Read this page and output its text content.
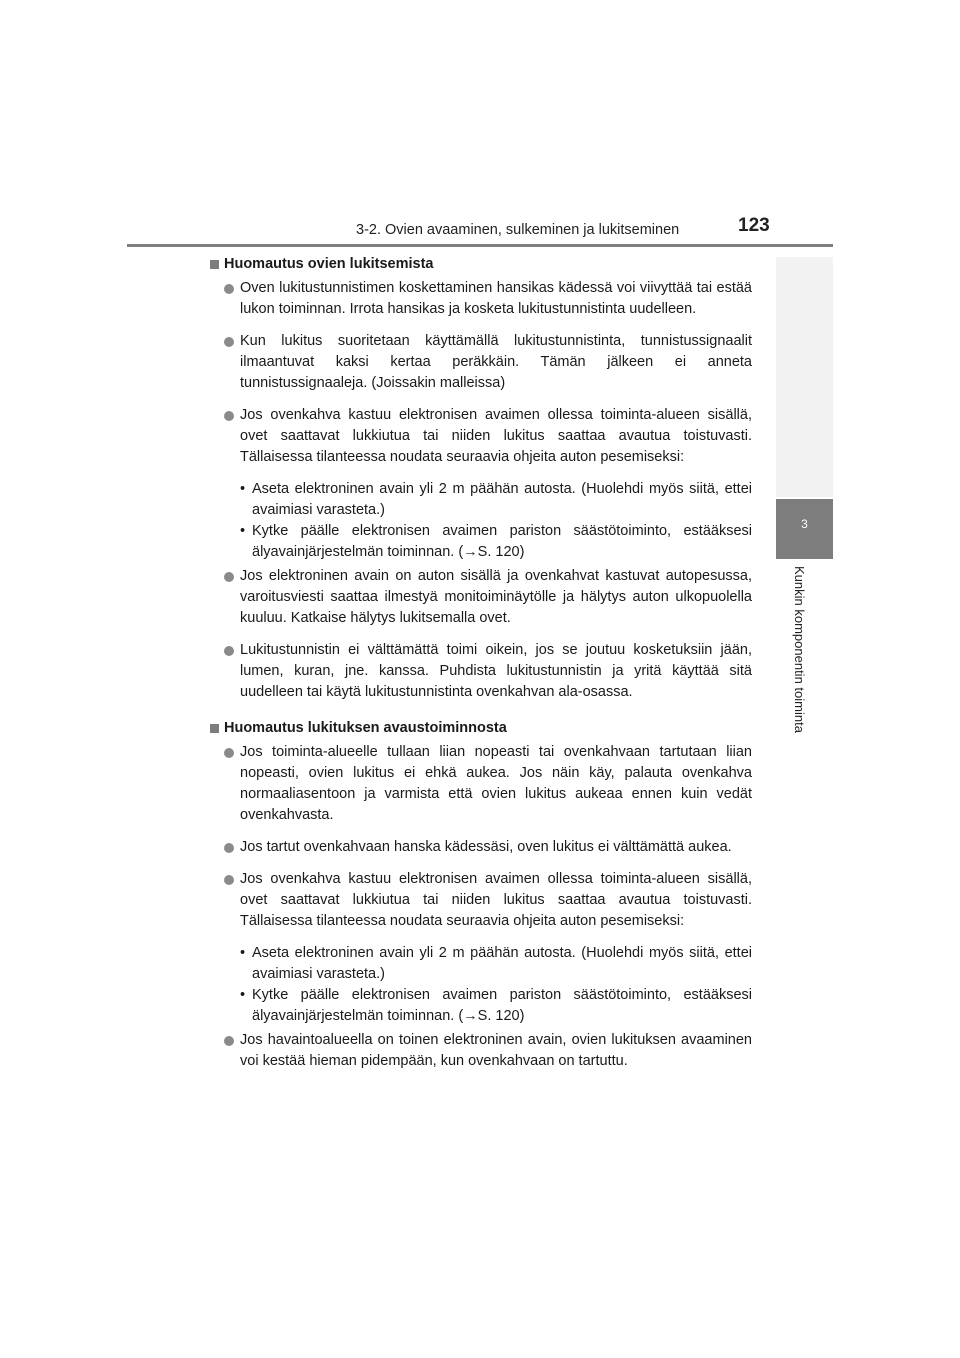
3-2. Ovien avaaminen, sulkeminen ja lukitseminen	123
3
Kunkin komponentin toiminta
Huomautus ovien lukitsemista
Oven lukitustunnistimen koskettaminen hansikas kädessä voi viivyttää tai estää lukon toiminnan. Irrota hansikas ja kosketa lukitustunnistinta uudelleen.
Kun lukitus suoritetaan käyttämällä lukitustunnistinta, tunnistussignaalit ilmaantuvat kaksi kertaa peräkkäin. Tämän jälkeen ei anneta tunnistussignaaleja. (Joissakin malleissa)
Jos ovenkahva kastuu elektronisen avaimen ollessa toiminta-alueen sisällä, ovet saattavat lukkiutua tai niiden lukitus saattaa avautua toistuvasti. Tällaisessa tilanteessa noudata seuraavia ohjeita auton pesemiseksi:
• Aseta elektroninen avain yli 2 m päähän autosta. (Huolehdi myös siitä, ettei avaimiasi varasteta.)
• Kytke päälle elektronisen avaimen pariston säästötoiminto, estääksesi älyavainjärjestelmän toiminnan. (→S. 120)
Jos elektroninen avain on auton sisällä ja ovenkahvat kastuvat autopesussa, varoitusviesti saattaa ilmestyä monitoiminäytölle ja hälytys auton ulkopuolella kuuluu. Katkaise hälytys lukitsemalla ovet.
Lukitustunnistin ei välttämättä toimi oikein, jos se joutuu kosketuksiin jään, lumen, kuran, jne. kanssa. Puhdista lukitustunnistin ja yritä käyttää sitä uudelleen tai käytä lukitustunnistinta ovenkahvan ala-osassa.
Huomautus lukituksen avaustoiminnosta
Jos toiminta-alueelle tullaan liian nopeasti tai ovenkahvaan tartutaan liian nopeasti, ovien lukitus ei ehkä aukea. Jos näin käy, palauta ovenkahva normaaliasentoon ja varmista että ovien lukitus aukeaa ennen kuin vedät ovenkahvasta.
Jos tartut ovenkahvaan hanska kädessäsi, oven lukitus ei välttämättä aukea.
Jos ovenkahva kastuu elektronisen avaimen ollessa toiminta-alueen sisällä, ovet saattavat lukkiutua tai niiden lukitus saattaa avautua toistuvasti. Tällaisessa tilanteessa noudata seuraavia ohjeita auton pesemiseksi:
• Aseta elektroninen avain yli 2 m päähän autosta. (Huolehdi myös siitä, ettei avaimiasi varasteta.)
• Kytke päälle elektronisen avaimen pariston säästötoiminto, estääksesi älyavainjärjestelmän toiminnan. (→S. 120)
Jos havaintoalueella on toinen elektroninen avain, ovien lukituksen avaaminen voi kestää hieman pidempään, kun ovenkahvaan on tartuttu.
